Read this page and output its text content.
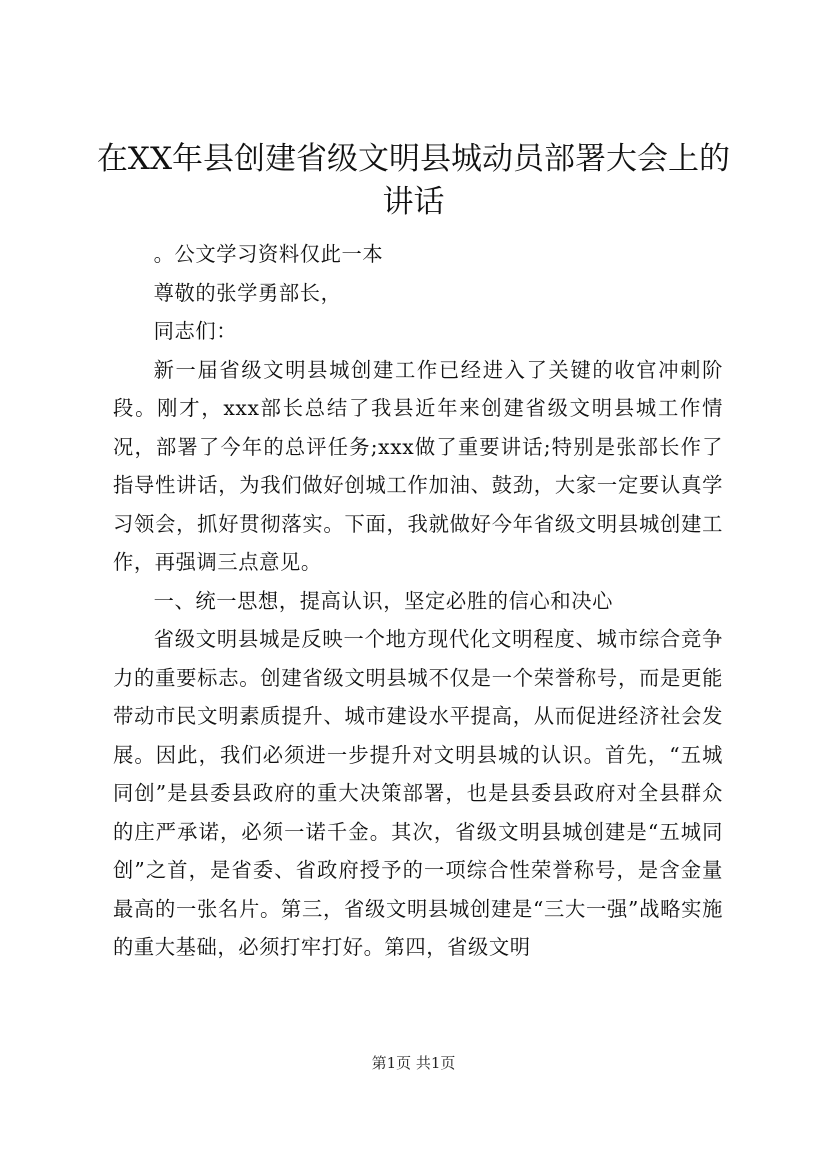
在XX年县创建省级文明县城动员部署大会上的讲话

。公文学习资料仅此一本

尊敬的张学勇部长，

同志们：

新一届省级文明县城创建工作已经进入了关键的收官冲刺阶段。刚才，xxx部长总结了我县近年来创建省级文明县城工作情况，部署了今年的总评任务;xxx做了重要讲话;特别是张部长作了指导性讲话，为我们做好创城工作加油、鼓劲，大家一定要认真学习领会，抓好贯彻落实。下面，我就做好今年省级文明县城创建工作，再强调三点意见。

一、统一思想，提高认识，坚定必胜的信心和决心

省级文明县城是反映一个地方现代化文明程度、城市综合竞争力的重要标志。创建省级文明县城不仅是一个荣誉称号，而是更能带动市民文明素质提升、城市建设水平提高，从而促进经济社会发展。因此，我们必须进一步提升对文明县城的认识。首先，“五城同创”是县委县政府的重大决策部署，也是县委县政府对全县群众的庄严承诺，必须一诺千金。其次，省级文明县城创建是“五城同创”之首，是省委、省政府授予的一项综合性荣誉称号，是含金量最高的一张名片。第三，省级文明县城创建是“三大一强”战略实施的重大基础，必须打牢打好。第四，省级文明

第1页 共1页
